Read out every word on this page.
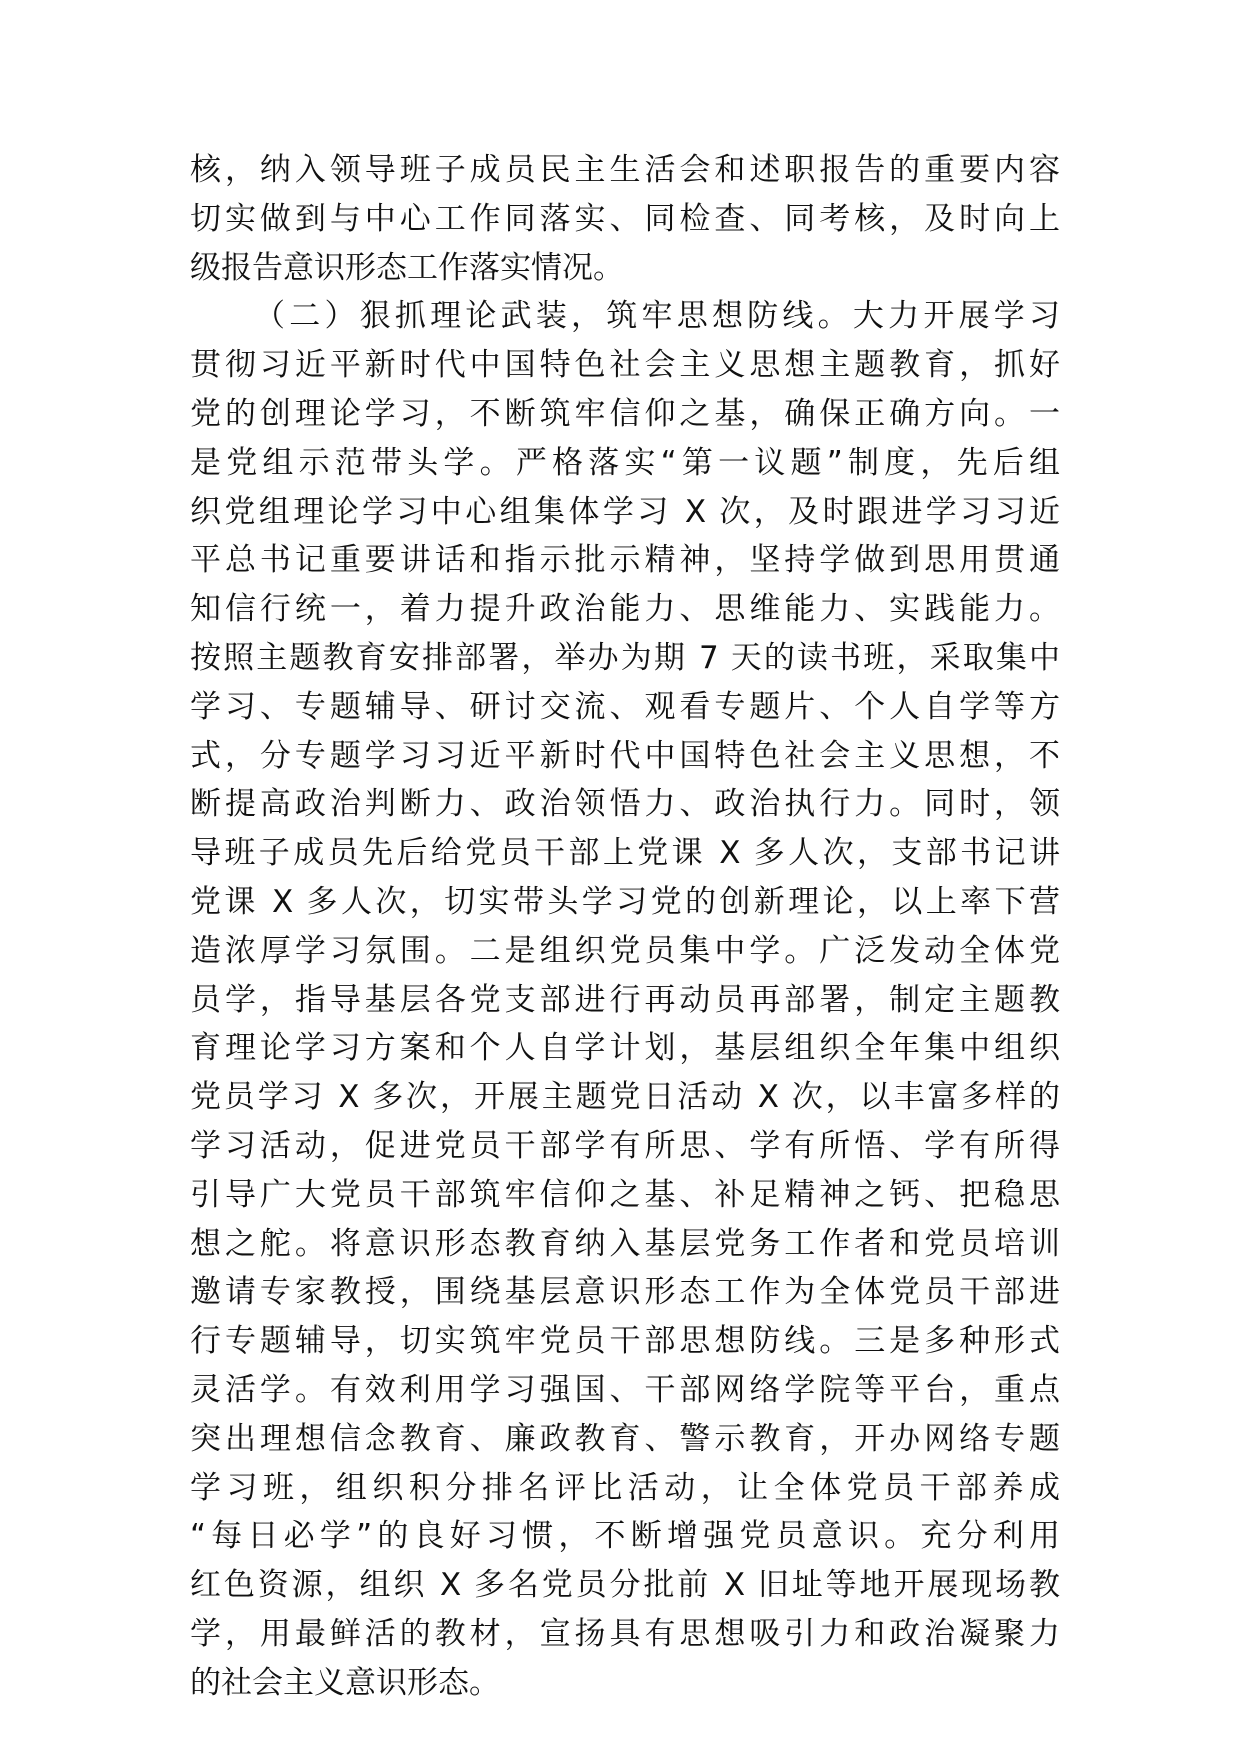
核，纳入领导班子成员民主生活会和述职报告的重要内容
切实做到与中心工作同落实、同检查、同考核，及时向上
级报告意识形态工作落实情况。
（二）狠抓理论武装，筑牢思想防线。大力开展学习
贯彻习近平新时代中国特色社会主义思想主题教育，抓好
党的创理论学习，不断筑牢信仰之基，确保正确方向。一
是党组示范带头学。严格落实“第一议题”制度，先后组
织党组理论学习中心组集体学习 X 次，及时跟进学习习近
平总书记重要讲话和指示批示精神，坚持学做到思用贯通
知信行统一，着力提升政治能力、思维能力、实践能力。
按照主题教育安排部署，举办为期 7 天的读书班，采取集中
学习、专题辅导、研讨交流、观看专题片、个人自学等方
式，分专题学习习近平新时代中国特色社会主义思想，不
断提高政治判断力、政治领悟力、政治执行力。同时，领
导班子成员先后给党员干部上党课 X 多人次，支部书记讲
党课 X 多人次，切实带头学习党的创新理论，以上率下营
造浓厚学习氛围。二是组织党员集中学。广泛发动全体党
员学，指导基层各党支部进行再动员再部署，制定主题教
育理论学习方案和个人自学计划，基层组织全年集中组织
党员学习 X 多次，开展主题党日活动 X 次，以丰富多样的
学习活动，促进党员干部学有所思、学有所悟、学有所得
引导广大党员干部筑牢信仰之基、补足精神之钙、把稳思
想之舵。将意识形态教育纳入基层党务工作者和党员培训
邀请专家教授，围绕基层意识形态工作为全体党员干部进
行专题辅导，切实筑牢党员干部思想防线。三是多种形式
灵活学。有效利用学习强国、干部网络学院等平台，重点
突出理想信念教育、廉政教育、警示教育，开办网络专题
学习班，组织积分排名评比活动，让全体党员干部养成
“每日必学”的良好习惯，不断增强党员意识。充分利用
红色资源，组织 X 多名党员分批前 X 旧址等地开展现场教
学，用最鲜活的教材，宣扬具有思想吸引力和政治凝聚力
的社会主义意识形态。
